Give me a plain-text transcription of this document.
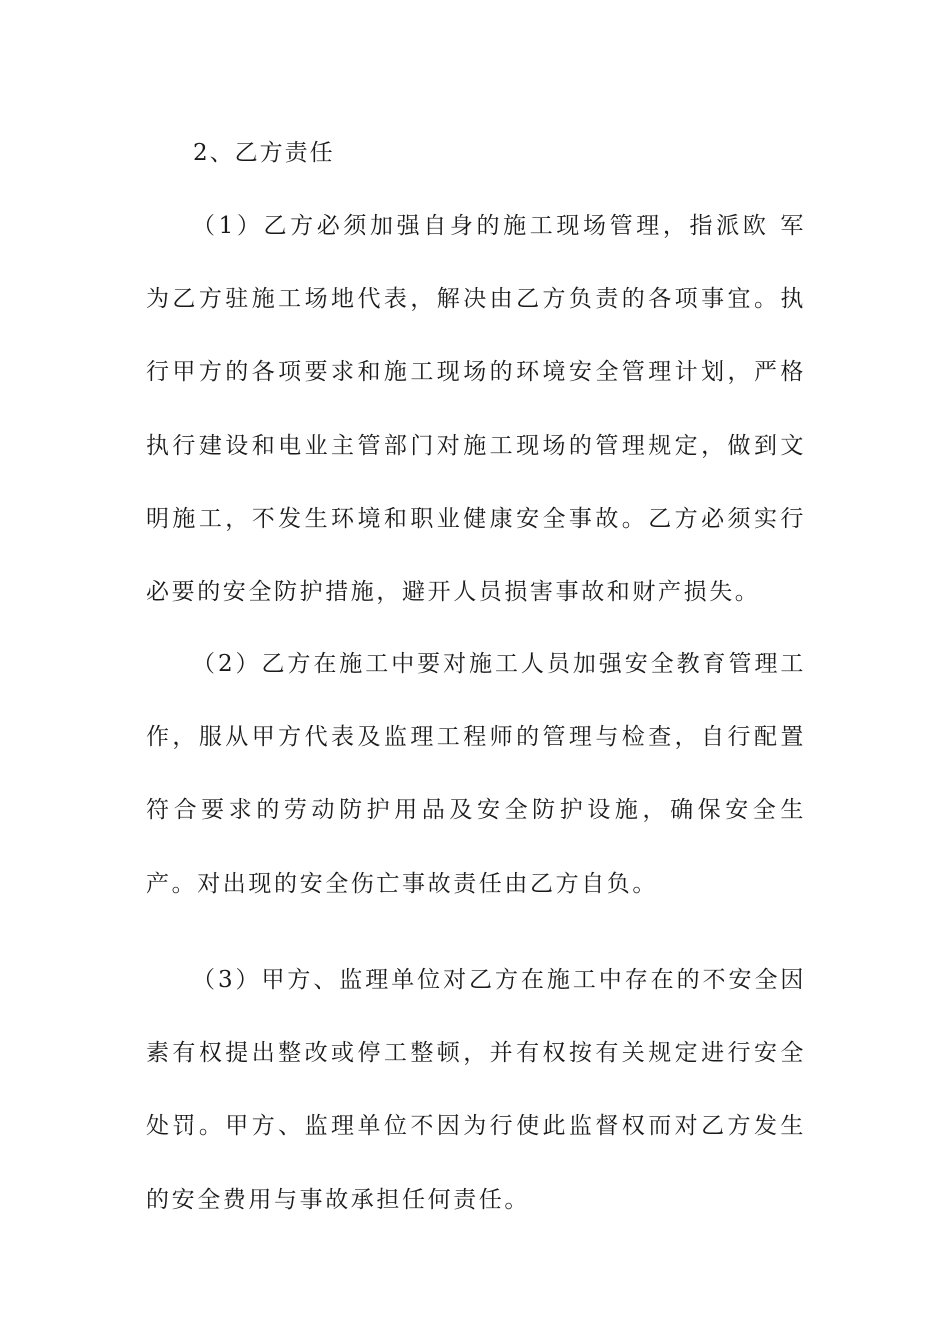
2、乙方责任

（1）乙方必须加强自身的施工现场管理，指派欧 军为乙方驻施工场地代表，解决由乙方负责的各项事宜。执行甲方的各项要求和施工现场的环境安全管理计划，严格执行建设和电业主管部门对施工现场的管理规定，做到文明施工，不发生环境和职业健康安全事故。乙方必须实行必要的安全防护措施，避开人员损害事故和财产损失。

（2）乙方在施工中要对施工人员加强安全教育管理工作，服从甲方代表及监理工程师的管理与检查，自行配置符合要求的劳动防护用品及安全防护设施，确保安全生产。对出现的安全伤亡事故责任由乙方自负。

（3）甲方、监理单位对乙方在施工中存在的不安全因素有权提出整改或停工整顿，并有权按有关规定进行安全处罚。甲方、监理单位不因为行使此监督权而对乙方发生的安全费用与事故承担任何责任。
